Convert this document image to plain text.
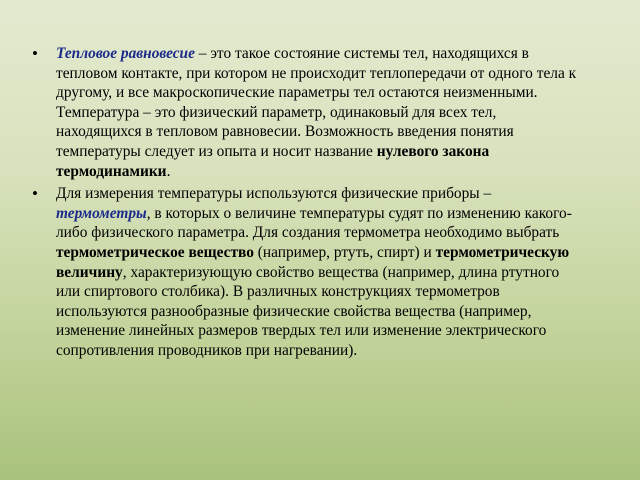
• Тепловое равновесие – это такое состояние системы тел, находящихся в тепловом контакте, при котором не происходит теплопередачи от одного тела к другому, и все макроскопические параметры тел остаются неизменными. Температура – это физический параметр, одинаковый для всех тел, находящихся в тепловом равновесии. Возможность введения понятия температуры следует из опыта и носит название нулевого закона термодинамики.
• Для измерения температуры используются физические приборы – термометры, в которых о величине температуры судят по изменению какого-либо физического параметра. Для создания термометра необходимо выбрать термометрическое вещество (например, ртуть, спирт) и термометрическую величину, характеризующую свойство вещества (например, длина ртутного или спиртового столбика). В различных конструкциях термометров используются разнообразные физические свойства вещества (например, изменение линейных размеров твердых тел или изменение электрического сопротивления проводников при нагревании).
